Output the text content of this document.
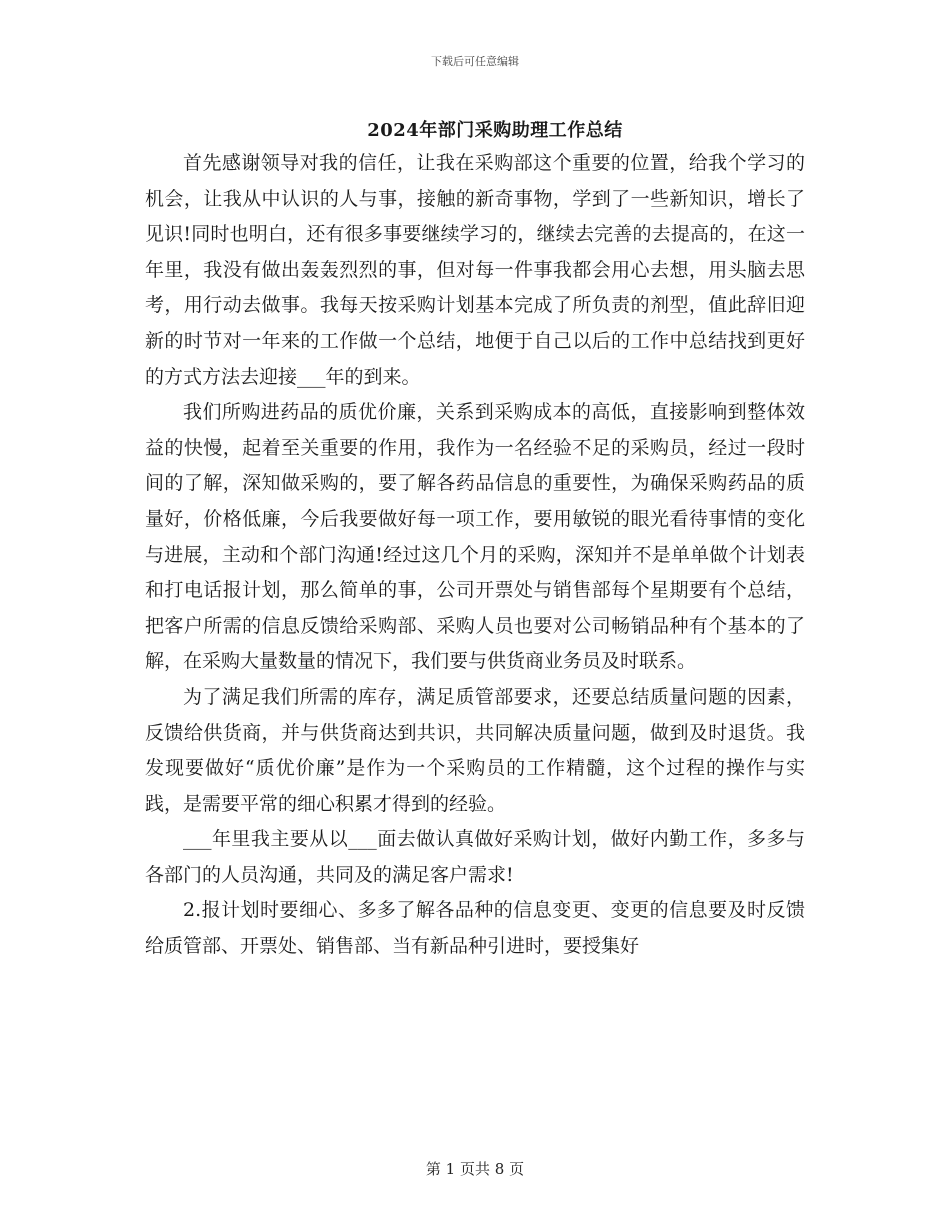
下载后可任意编辑
2024年部门采购助理工作总结

首先感谢领导对我的信任，让我在采购部这个重要的位置，给我个学习的机会，让我从中认识的人与事，接触的新奇事物，学到了一些新知识，增长了见识!同时也明白，还有很多事要继续学习的，继续去完善的去提高的，在这一年里，我没有做出轰轰烈烈的事，但对每一件事我都会用心去想，用头脑去思考，用行动去做事。我每天按采购计划基本完成了所负责的剂型，值此辞旧迎新的时节对一年来的工作做一个总结，地便于自己以后的工作中总结找到更好的方式方法去迎接___年的到来。

我们所购进药品的质优价廉，关系到采购成本的高低，直接影响到整体效益的快慢，起着至关重要的作用，我作为一名经验不足的采购员，经过一段时间的了解，深知做采购的，要了解各药品信息的重要性，为确保采购药品的质量好，价格低廉，今后我要做好每一项工作，要用敏锐的眼光看待事情的变化与进展，主动和个部门沟通!经过这几个月的采购，深知并不是单单做个计划表和打电话报计划，那么简单的事，公司开票处与销售部每个星期要有个总结，把客户所需的信息反馈给采购部、采购人员也要对公司畅销品种有个基本的了解，在采购大量数量的情况下，我们要与供货商业务员及时联系。

为了满足我们所需的库存，满足质管部要求，还要总结质量问题的因素，反馈给供货商，并与供货商达到共识，共同解决质量问题，做到及时退货。我发现要做好“质优价廉”是作为一个采购员的工作精髓，这个过程的操作与实践，是需要平常的细心积累才得到的经验。

___年里我主要从以___面去做认真做好采购计划，做好内勤工作，多多与各部门的人员沟通，共同及的满足客户需求!

2.报计划时要细心、多多了解各品种的信息变更、变更的信息要及时反馈给质管部、开票处、销售部、当有新品种引进时，要授集好

第 1 页共 8 页
